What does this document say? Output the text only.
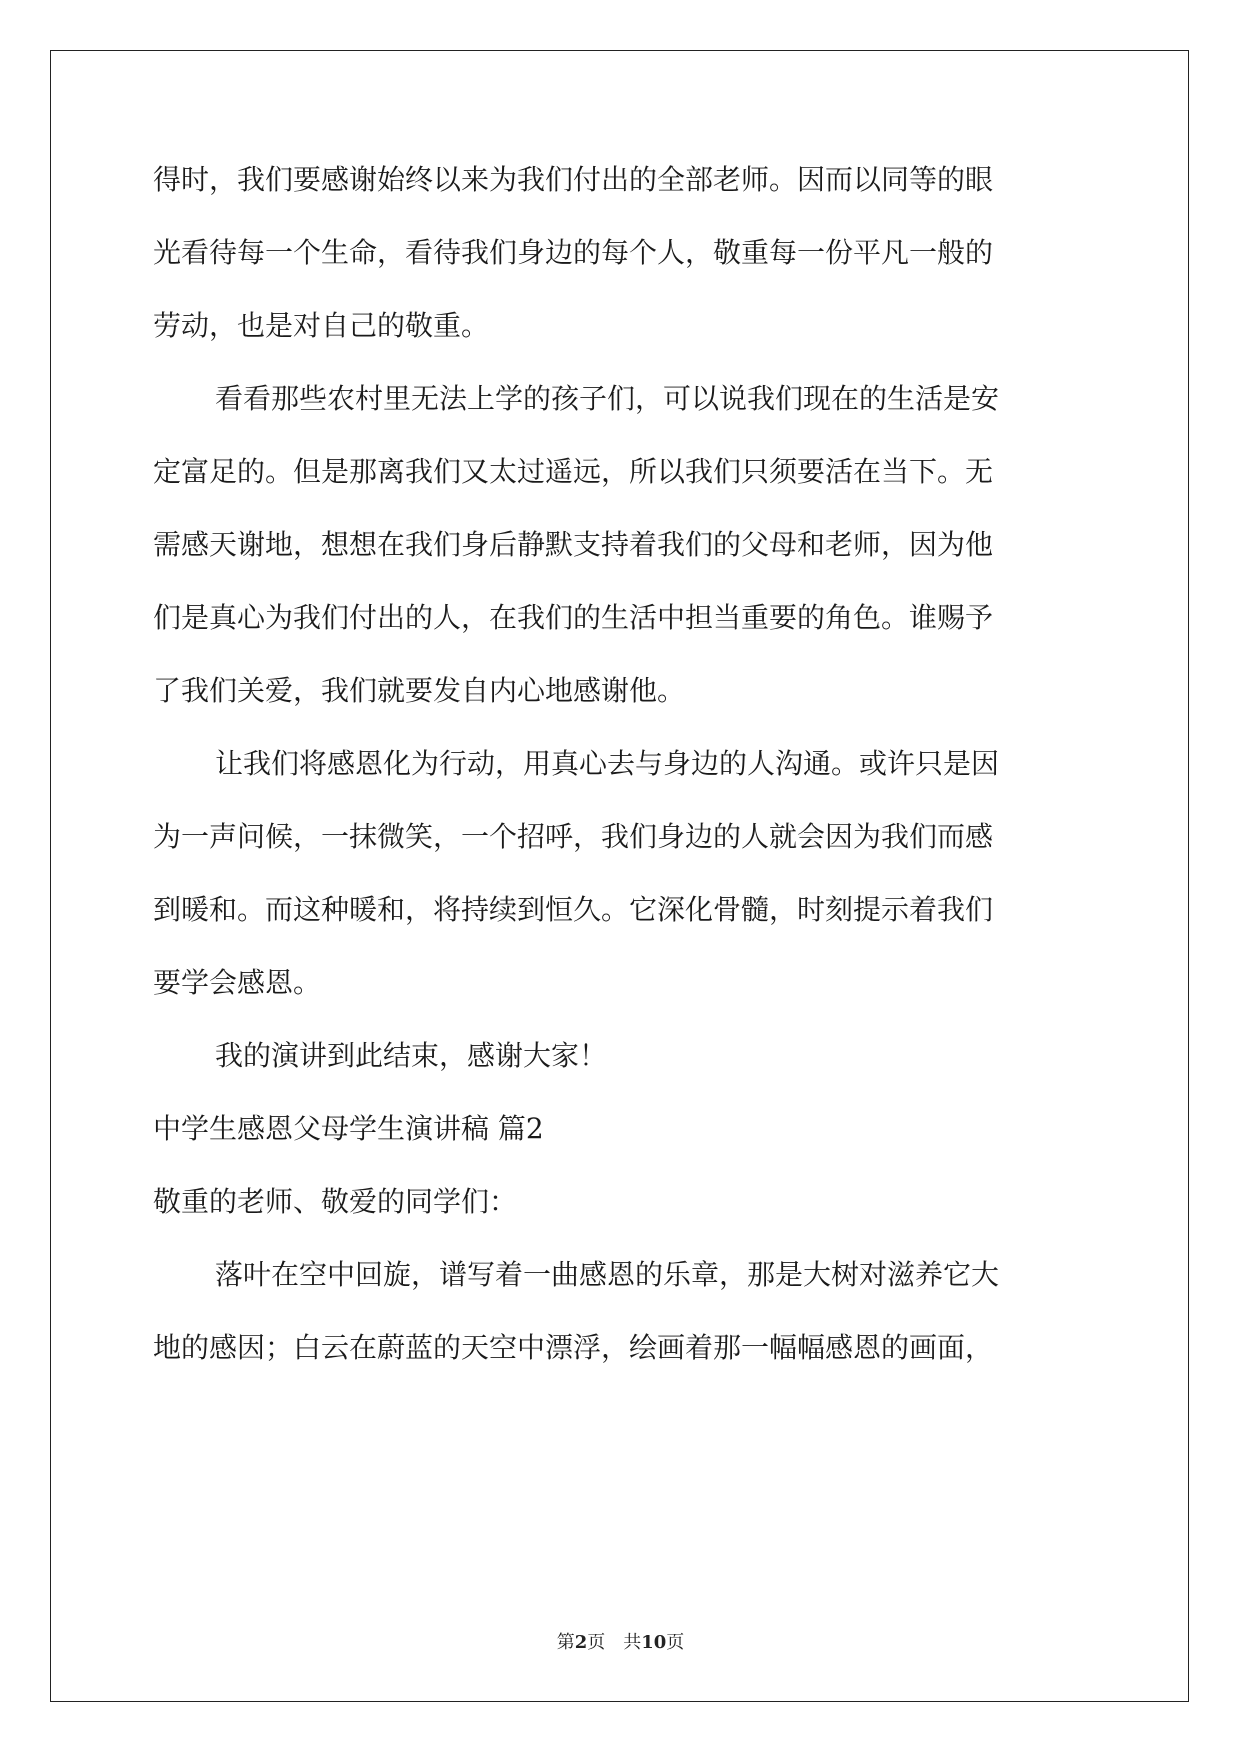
得时，我们要感谢始终以来为我们付出的全部老师。因而以同等的眼
光看待每一个生命，看待我们身边的每个人，敬重每一份平凡一般的
劳动，也是对自己的敬重。
看看那些农村里无法上学的孩子们，可以说我们现在的生活是安
定富足的。但是那离我们又太过遥远，所以我们只须要活在当下。无
需感天谢地，想想在我们身后静默支持着我们的父母和老师，因为他
们是真心为我们付出的人，在我们的生活中担当重要的角色。谁赐予
了我们关爱，我们就要发自内心地感谢他。
让我们将感恩化为行动，用真心去与身边的人沟通。或许只是因
为一声问候，一抹微笑，一个招呼，我们身边的人就会因为我们而感
到暖和。而这种暖和，将持续到恒久。它深化骨髓，时刻提示着我们
要学会感恩。
我的演讲到此结束，感谢大家！
中学生感恩父母学生演讲稿 篇2
敬重的老师、敬爱的同学们：
落叶在空中回旋，谱写着一曲感恩的乐章，那是大树对滋养它大
地的感因；白云在蔚蓝的天空中漂浮，绘画着那一幅幅感恩的画面，
第2页　共10页
